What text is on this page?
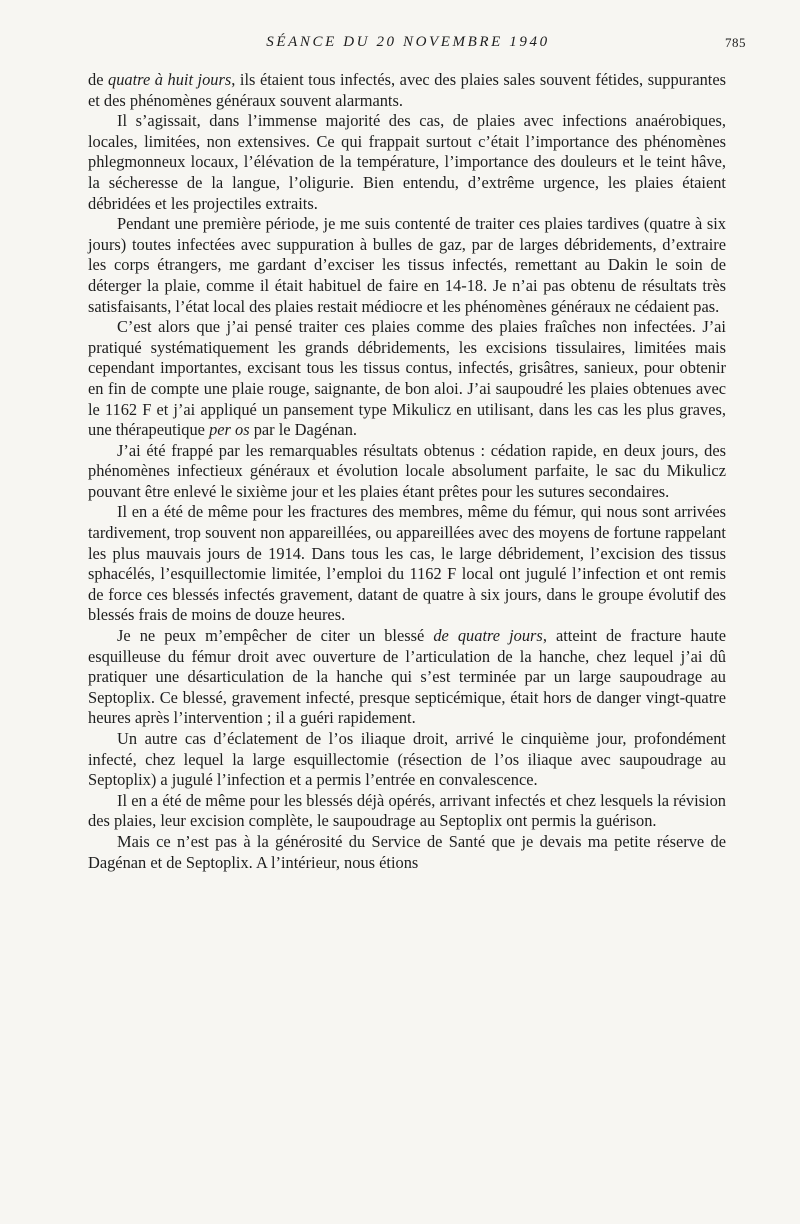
SÉANCE DU 20 NOVEMBRE 1940	785

de quatre à huit jours, ils étaient tous infectés, avec des plaies sales souvent fétides, suppurantes et des phénomènes généraux souvent alarmants.

Il s’agissait, dans l’immense majorité des cas, de plaies avec infections anaérobiques, locales, limitées, non extensives. Ce qui frappait surtout c’était l’importance des phénomènes phlegmonneux locaux, l’élévation de la température, l’importance des douleurs et le teint hâve, la sécheresse de la langue, l’oligurie. Bien entendu, d’extrême urgence, les plaies étaient débridées et les projectiles extraits.

Pendant une première période, je me suis contenté de traiter ces plaies tardives (quatre à six jours) toutes infectées avec suppuration à bulles de gaz, par de larges débridements, d’extraire les corps étrangers, me gardant d’exciser les tissus infectés, remettant au Dakin le soin de déterger la plaie, comme il était habituel de faire en 14-18. Je n’ai pas obtenu de résultats très satisfaisants, l’état local des plaies restait médiocre et les phénomènes généraux ne cédaient pas.

C’est alors que j’ai pensé traiter ces plaies comme des plaies fraîches non infectées. J’ai pratiqué systématiquement les grands débridements, les excisions tissulaires, limitées mais cependant importantes, excisant tous les tissus contus, infectés, grisâtres, sanieux, pour obtenir en fin de compte une plaie rouge, saignante, de bon aloi. J’ai saupoudré les plaies obtenues avec le 1162 F et j’ai appliqué un pansement type Mikulicz en utilisant, dans les cas les plus graves, une thérapeutique per os par le Dagénan.

J’ai été frappé par les remarquables résultats obtenus : cédation rapide, en deux jours, des phénomènes infectieux généraux et évolution locale absolument parfaite, le sac du Mikulicz pouvant être enlevé le sixième jour et les plaies étant prêtes pour les sutures secondaires.

Il en a été de même pour les fractures des membres, même du fémur, qui nous sont arrivées tardivement, trop souvent non appareillées, ou appareillées avec des moyens de fortune rappelant les plus mauvais jours de 1914. Dans tous les cas, le large débridement, l’excision des tissus sphacélés, l’esquillectomie limitée, l’emploi du 1162 F local ont jugulé l’infection et ont remis de force ces blessés infectés gravement, datant de quatre à six jours, dans le groupe évolutif des blessés frais de moins de douze heures.

Je ne peux m’empêcher de citer un blessé de quatre jours, atteint de fracture haute esquilleuse du fémur droit avec ouverture de l’articulation de la hanche, chez lequel j’ai dû pratiquer une désarticulation de la hanche qui s’est terminée par un large saupoudrage au Septoplix. Ce blessé, gravement infecté, presque septicémique, était hors de danger vingt-quatre heures après l’intervention ; il a guéri rapidement.

Un autre cas d’éclatement de l’os iliaque droit, arrivé le cinquième jour, profondément infecté, chez lequel la large esquillectomie (résection de l’os iliaque avec saupoudrage au Septoplix) a jugulé l’infection et a permis l’entrée en convalescence.

Il en a été de même pour les blessés déjà opérés, arrivant infectés et chez lesquels la révision des plaies, leur excision complète, le saupoudrage au Septoplix ont permis la guérison.

Mais ce n’est pas à la générosité du Service de Santé que je devais ma petite réserve de Dagénan et de Septoplix. A l’intérieur, nous étions
